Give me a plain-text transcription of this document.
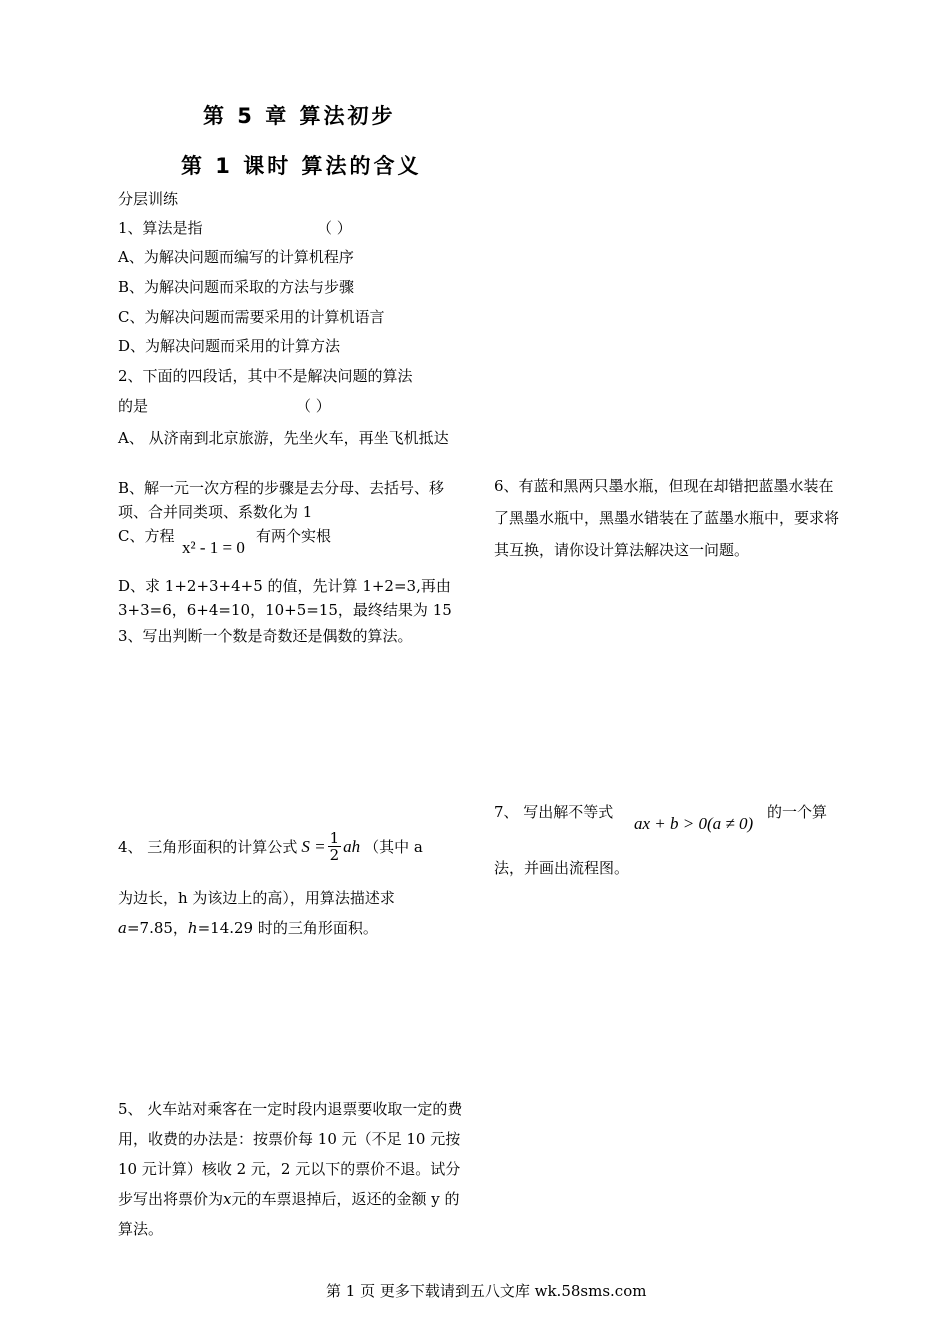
第 5 章 算法初步
第 1 课时 算法的含义
分层训练
1、算法是指	（ ）
A、为解决问题而编写的计算机程序
B、为解决问题而采取的方法与步骤
C、为解决问题而需要采用的计算机语言
D、为解决问题而采用的计算方法
2、下面的四段话，其中不是解决问题的算法
的是	（ ）
A、 从济南到北京旅游，先坐火车，再坐飞机抵达
B、解一元一次方程的步骤是去分母、去括号、移项、合并同类项、系数化为 1
C、方程
x² - 1 = 0
有两个实根
D、求 1+2+3+4+5 的值，先计算 1+2=3,再由
3+3=6，6+4=10，10+5=15，最终结果为 15
3、写出判断一个数是奇数还是偶数的算法。
4、 三角形面积的计算公式 $S = \frac{1}{2}$ ah （其中 a
为边长，h 为该边上的高），用算法描述求
a=7.85，h=14.29 时的三角形面积。
5、 火车站对乘客在一定时段内退票要收取一定的费用，收费的办法是：按票价每 10 元（不足 10 元按 10 元计算）核收 2 元，2 元以下的票价不退。试分步写出将票价为x元的车票退掉后，返还的金额 y 的算法。
6、有蓝和黑两只墨水瓶，但现在却错把蓝墨水装在了黑墨水瓶中，黑墨水错装在了蓝墨水瓶中，要求将其互换，请你设计算法解决这一问题。
7、 写出解不等式
ax + b > 0(a ≠ 0)
的一个算
法，并画出流程图。
第 1 页 更多下载请到五八文库 wk.58sms.com
